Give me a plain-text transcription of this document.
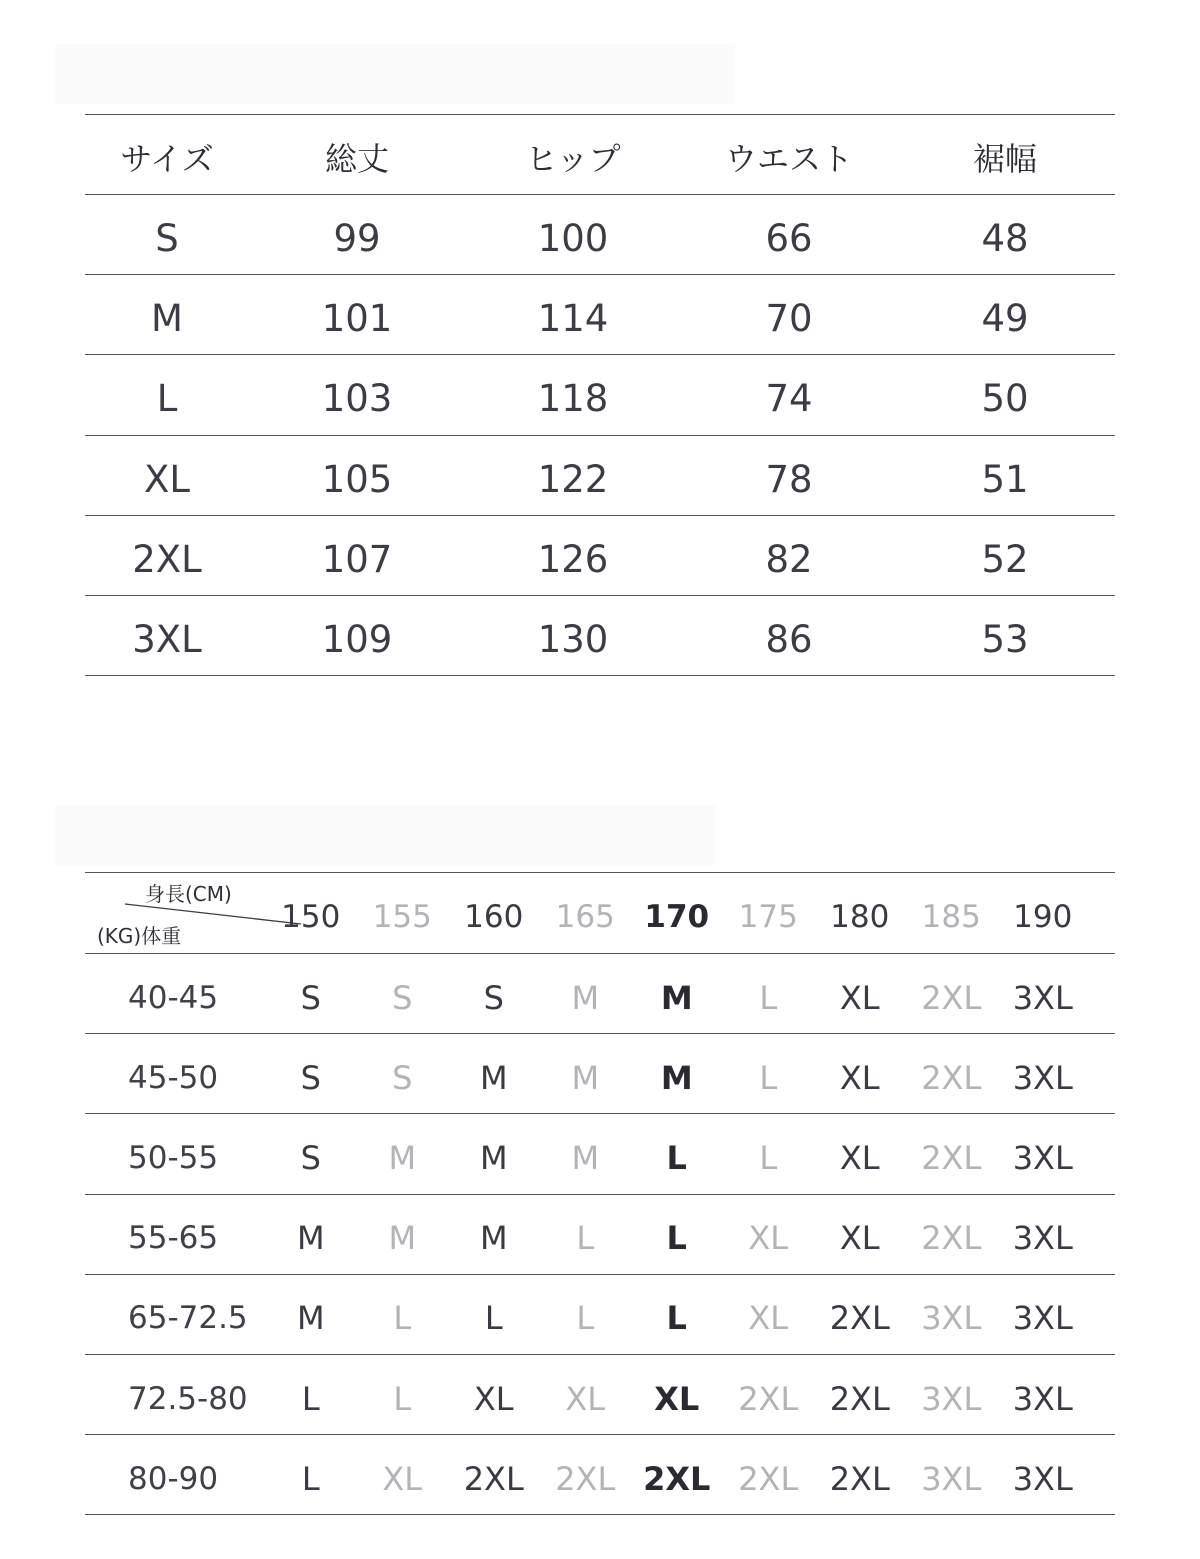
サイズ	総丈	ヒップ	ウエスト	裾幅
S	99	100	66	48
M	101	114	70	49
L	103	118	74	50
XL	105	122	78	51
2XL	107	126	82	52
3XL	109	130	86	53
身長(CM)
(KG)体重
150	155	160	165 170 175	180	185	190
40-45	S	S	S	M	M	L	XL	2XL 3XL
45-50	S	S	M	M	M	L	XL	2XL 3XL
50-55	S	M	M	M	L	L	XL	2XL 3XL
55-65	M	M	M	L	L	XL	XL	2XL 3XL
65-72.5	M	L	L	L	L	XL	2XL 3XL 3XL
72.5-80	L	L	XL	XL	XL	2XL 2XL 3XL 3XL
80-90	L	XL	2XL 2XL 2XL 2XL 2XL 3XL 3XL
